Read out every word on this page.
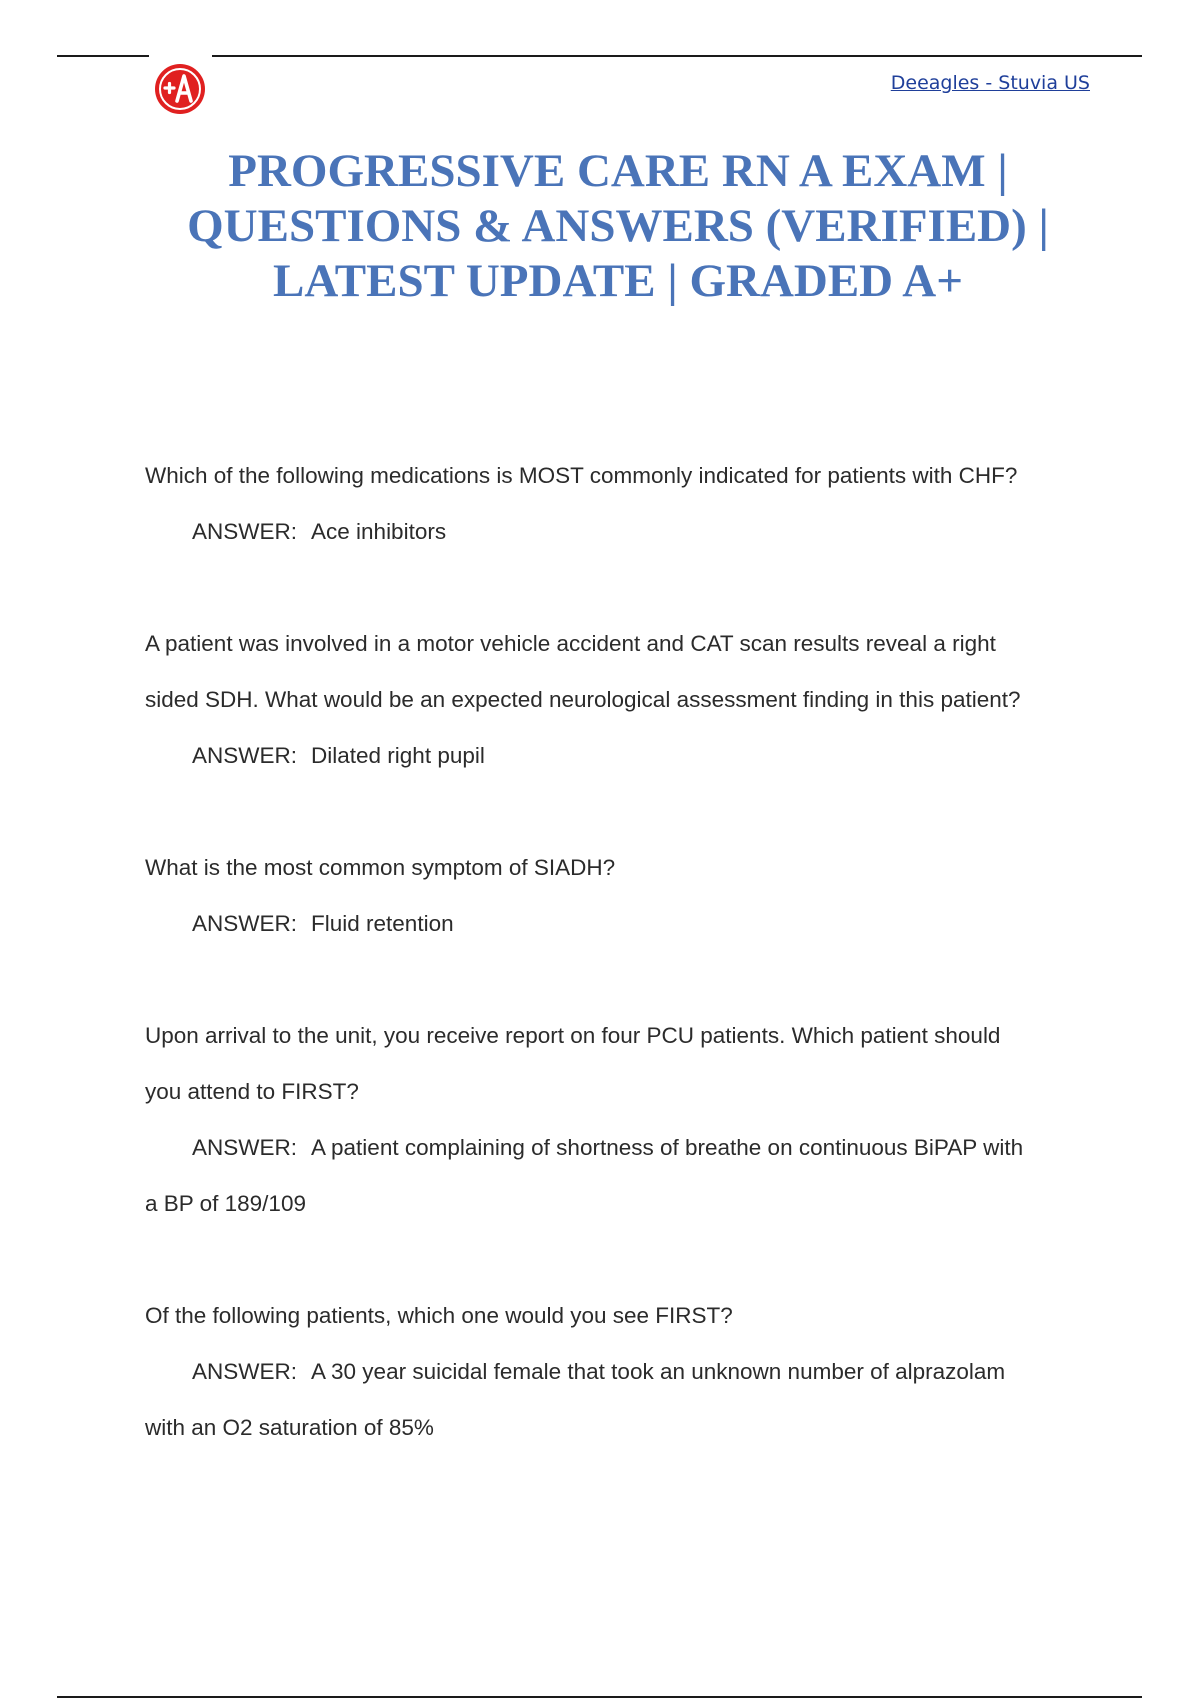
Deeagles - Stuvia US
PROGRESSIVE CARE RN A EXAM |
QUESTIONS & ANSWERS (VERIFIED) |
LATEST UPDATE | GRADED A+
Which of the following medications is MOST commonly indicated for patients with CHF?
ANSWER: Ace inhibitors
A patient was involved in a motor vehicle accident and CAT scan results reveal a right
sided SDH. What would be an expected neurological assessment finding in this patient?
ANSWER: Dilated right pupil
What is the most common symptom of SIADH?
ANSWER: Fluid retention
Upon arrival to the unit, you receive report on four PCU patients. Which patient should
you attend to FIRST?
ANSWER: A patient complaining of shortness of breathe on continuous BiPAP with
a BP of 189/109
Of the following patients, which one would you see FIRST?
ANSWER: A 30 year suicidal female that took an unknown number of alprazolam
with an O2 saturation of 85%
